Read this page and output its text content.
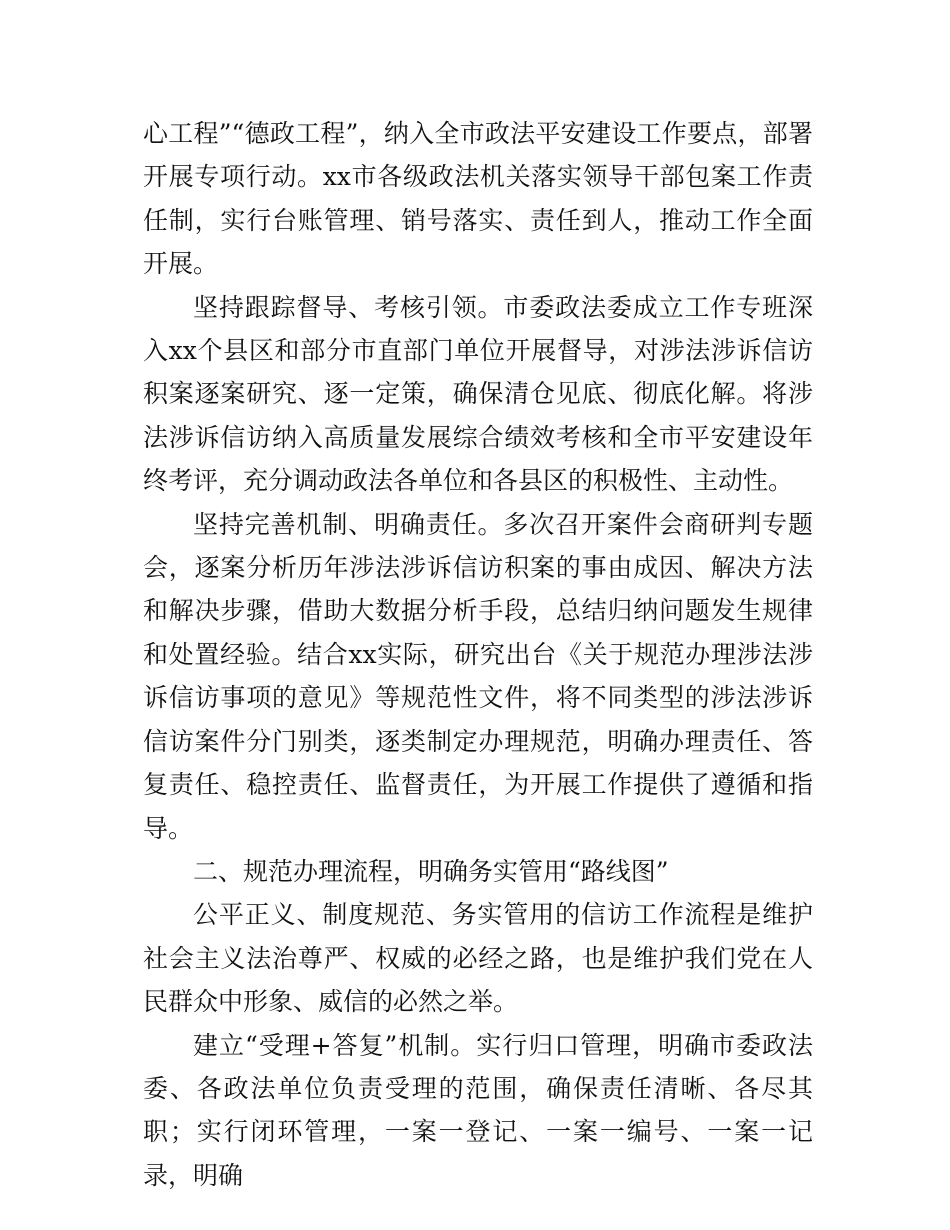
心工程”“德政工程”，纳入全市政法平安建设工作要点，部署开展专项行动。xx市各级政法机关落实领导干部包案工作责任制，实行台账管理、销号落实、责任到人，推动工作全面开展。

坚持跟踪督导、考核引领。市委政法委成立工作专班深入xx个县区和部分市直部门单位开展督导，对涉法涉诉信访积案逐案研究、逐一定策，确保清仓见底、彻底化解。将涉法涉诉信访纳入高质量发展综合绩效考核和全市平安建设年终考评，充分调动政法各单位和各县区的积极性、主动性。

坚持完善机制、明确责任。多次召开案件会商研判专题会，逐案分析历年涉法涉诉信访积案的事由成因、解决方法和解决步骤，借助大数据分析手段，总结归纳问题发生规律和处置经验。结合xx实际，研究出台《关于规范办理涉法涉诉信访事项的意见》等规范性文件，将不同类型的涉法涉诉信访案件分门别类，逐类制定办理规范，明确办理责任、答复责任、稳控责任、监督责任，为开展工作提供了遵循和指导。

二、规范办理流程，明确务实管用“路线图”

公平正义、制度规范、务实管用的信访工作流程是维护社会主义法治尊严、权威的必经之路，也是维护我们党在人民群众中形象、威信的必然之举。

建立“受理+答复”机制。实行归口管理，明确市委政法委、各政法单位负责受理的范围，确保责任清晰、各尽其职；实行闭环管理，一案一登记、一案一编号、一案一记录，明确
